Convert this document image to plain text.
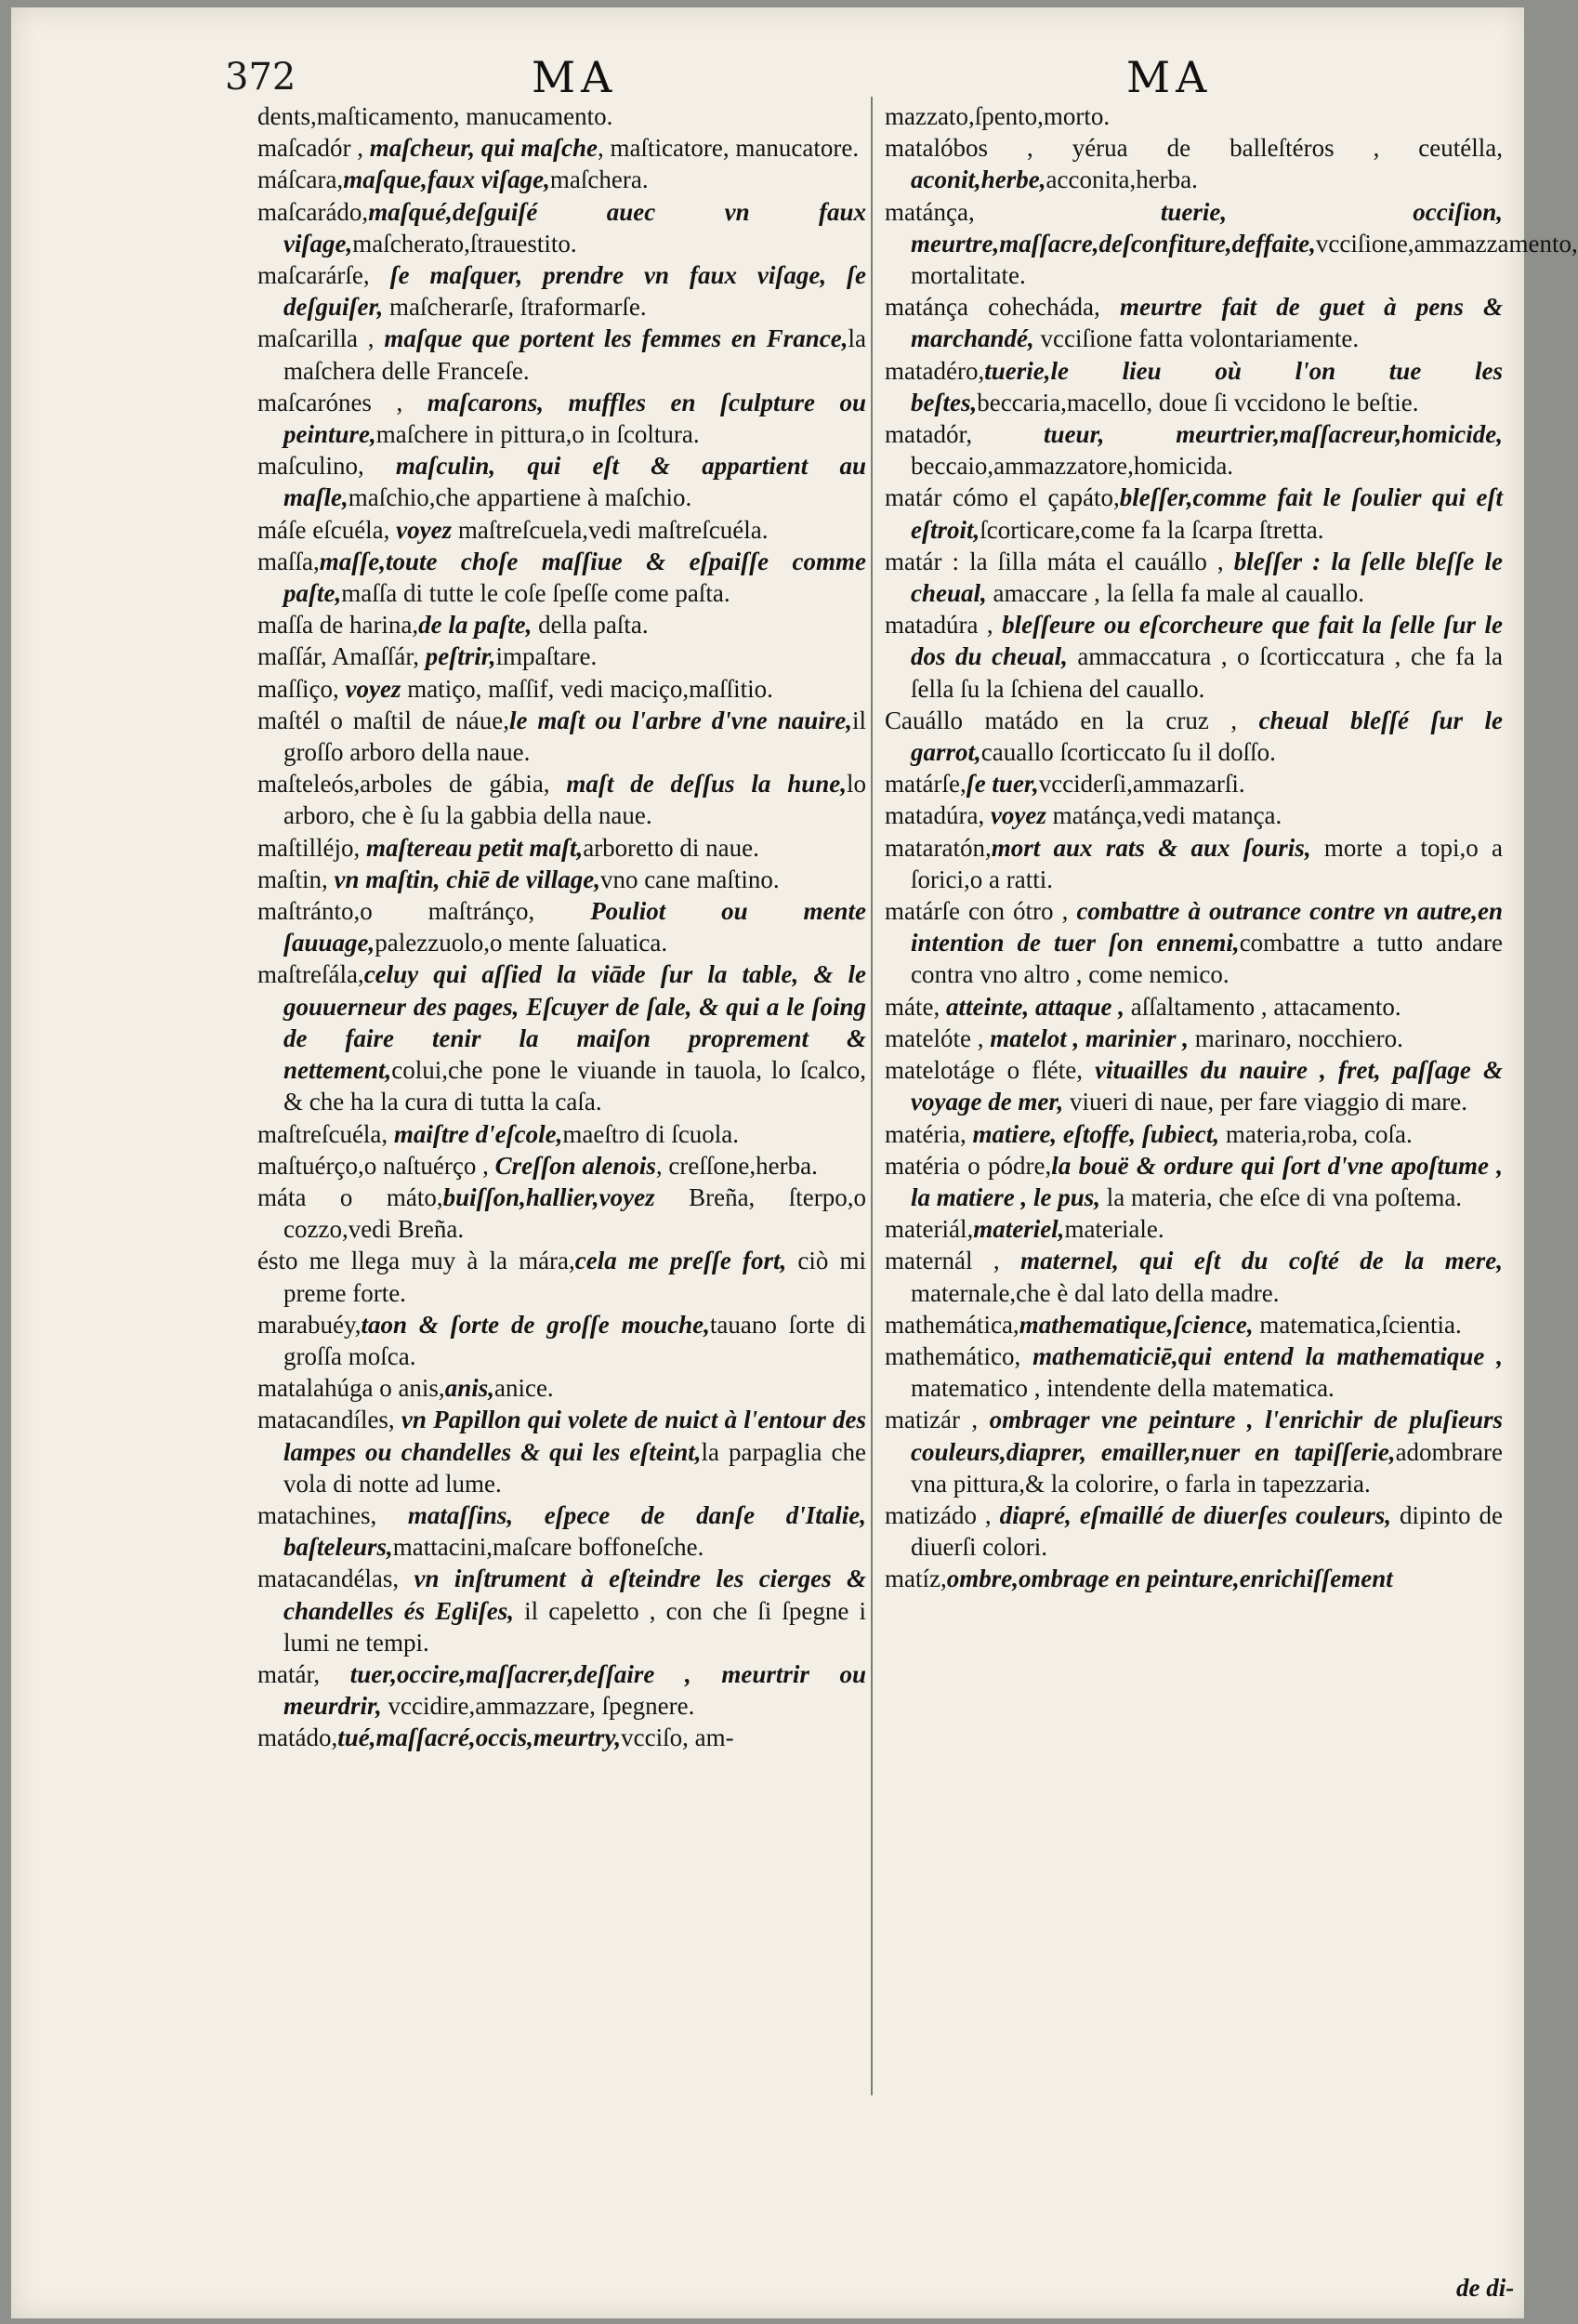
372	MA	MA

dents,maſticamento, manucamento.

maſcadór , maſcheur, qui maſche, maſticatore, manucatore.

máſcara,maſque,faux viſage,maſchera.

maſcarádo,maſqué,deſguiſé auec vn faux viſage,maſcherato,ſtrauestito.

maſcarárſe, ſe maſquer, prendre vn faux viſage, ſe deſguiſer, maſcherarſe, ſtraformarſe.

maſcarilla , maſque que portent les femmes en France,la maſchera delle Franceſe.

maſcarónes , maſcarons, muffles en ſculpture ou peinture,maſchere in pittura,o in ſcoltura.

maſculino, maſculin, qui eſt & appartient au maſle,maſchio,che appartiene à maſchio.

máſe eſcuéla, voyez maſtreſcuela,vedi maſtreſcuéla.

maſſa,maſſe,toute choſe maſſiue & eſpaiſſe comme paſte,maſſa di tutte le coſe ſpeſſe come paſta.

maſſa de harina,de la paſte, della paſta.

maſſár, Amaſſár, peſtrir,impaſtare.

maſſiço, voyez matiço, maſſif, vedi maciço,maſſitio.

maſtél o maſtil de náue,le maſt ou l'arbre d'vne nauire,il groſſo arboro della naue.

maſteleós,arboles de gábia, maſt de deſſus la hune,lo arboro, che è ſu la gabbia della naue.

maſtilléjo, maſtereau petit maſt,arboretto di naue.

maſtin, vn maſtin, chiē de village,vno cane maſtino.

maſtránto,o maſtránço, Pouliot ou mente ſauuage,palezzuolo,o mente ſaluatica.

maſtreſála,celuy qui aſſied la viāde ſur la table, & le gouuerneur des pages, Eſcuyer de ſale, & qui a le ſoing de faire tenir la maiſon proprement & nettement,colui,che pone le viuande in tauola, lo ſcalco, & che ha la cura di tutta la caſa.

maſtreſcuéla, maiſtre d'eſcole,maeſtro di ſcuola.

maſtuérço,o naſtuérço , Creſſon alenois, creſſone,herba.

máta o máto,buiſſon,hallier,voyez Breña, ſterpo,o cozzo,vedi Breña.

ésto me llega muy à la mára,cela me preſſe fort, ciò mi preme forte.

marabuéy,taon & ſorte de groſſe mouche,tauano ſorte di groſſa moſca.

matalahúga o anis,anis,anice.

matacandíles, vn Papillon qui volete de nuict à l'entour des lampes ou chandelles & qui les eſteint,la parpaglia che vola di notte ad lume.

matachines, mataſſins, eſpece de danſe d'Italie, baſteleurs,mattacini,maſcare boffoneſche.

matacandélas, vn inſtrument à eſteindre les cierges & chandelles és Egliſes, il capeletto , con che ſi ſpegne i lumi ne tempi.

matár, tuer,occire,maſſacrer,deſſaire , meurtrir ou meurdrir, vccidire,ammazzare, ſpegnere.

matádo,tué,maſſacré,occis,meurtry,vcciſo, am-

mazzato,ſpento,morto.

matalóbos , yérua de balleſtéros , ceutélla, aconit,herbe,acconita,herba.

matánça, tuerie, occiſion, meurtre,maſſacre,deſconfiture,deffaite,vcciſione,ammazzamento, mortalitate.

matánça cohecháda, meurtre fait de guet à pens & marchandé, vcciſione fatta volontariamente.

matadéro,tuerie,le lieu où l'on tue les beſtes,beccaria,macello, doue ſi vccidono le beſtie.

matadór, tueur, meurtrier,maſſacreur,homicide, beccaio,ammazzatore,homicida.

matár cómo el çapáto,bleſſer,comme fait le ſoulier qui eſt eſtroit,ſcorticare,come fa la ſcarpa ſtretta.

matár : la ſilla máta el cauállo , bleſſer : la ſelle bleſſe le cheual, amaccare , la ſella fa male al cauallo.

matadúra , bleſſeure ou eſcorcheure que fait la ſelle ſur le dos du cheual, ammaccatura , o ſcorticcatura , che fa la ſella ſu la ſchiena del cauallo.

Cauállo matádo en la cruz , cheual bleſſé ſur le garrot,cauallo ſcorticcato ſu il doſſo.

matárſe,ſe tuer,vcciderſi,ammazarſi.

matadúra, voyez matánça,vedi matança.

mataratón,mort aux rats & aux ſouris, morte a topi,o a ſorici,o a ratti.

matárſe con ótro , combattre à outrance contre vn autre,en intention de tuer ſon ennemi,combattre a tutto andare contra vno altro , come nemico.

máte, atteinte, attaque , aſſaltamento , attacamento.

matelóte , matelot , marinier , marinaro, nocchiero.

matelotáge o fléte, vituailles du nauire , fret, paſſage & voyage de mer, viueri di naue, per fare viaggio di mare.

matéria, matiere, eſtoffe, ſubiect, materia,roba, coſa.

matéria o pódre,la bouë & ordure qui ſort d'vne apoſtume , la matiere , le pus, la materia, che eſce di vna poſtema.

materiál,materiel,materiale.

maternál , maternel, qui eſt du coſté de la mere, maternale,che è dal lato della madre.

mathemática,mathematique,ſcience, matematica,ſcientia.

mathemático, mathematiciē,qui entend la mathematique , matematico , intendente della matematica.

matizár , ombrager vne peinture , l'enrichir de pluſieurs couleurs,diaprer, emailler,nuer en tapiſſerie,adombrare vna pittura,& la colorire, o farla in tapezzaria.

matizádo , diapré, eſmaillé de diuerſes couleurs, dipinto de diuerſi colori.

matíz,ombre,ombrage en peinture,enrichiſſement

de di-
